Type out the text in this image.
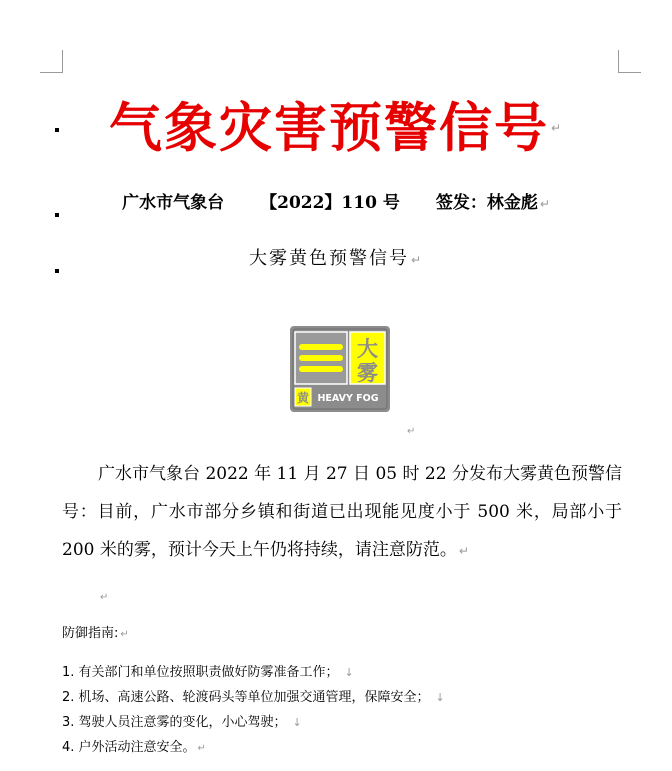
气象灾害预警信号 ↵
广水市气象台 【2022】110 号 签发：林金彪 ↵
大雾黄色预警信号 ↵
大
雾
黄 HEAVY FOG
↵
广水市气象台 2022 年 11 月 27 日 05 时 22 分发布大雾黄色预警信号：目前，广水市部分乡镇和街道已出现能见度小于 500 米，局部小于 200 米的雾，预计今天上午仍将持续，请注意防范。 ↵
↵
防御指南: ↵
1. 有关部门和单位按照职责做好防雾准备工作； ↓
2. 机场、高速公路、轮渡码头等单位加强交通管理，保障安全； ↓
3. 驾驶人员注意雾的变化，小心驾驶； ↓
4. 户外活动注意安全。 ↵
